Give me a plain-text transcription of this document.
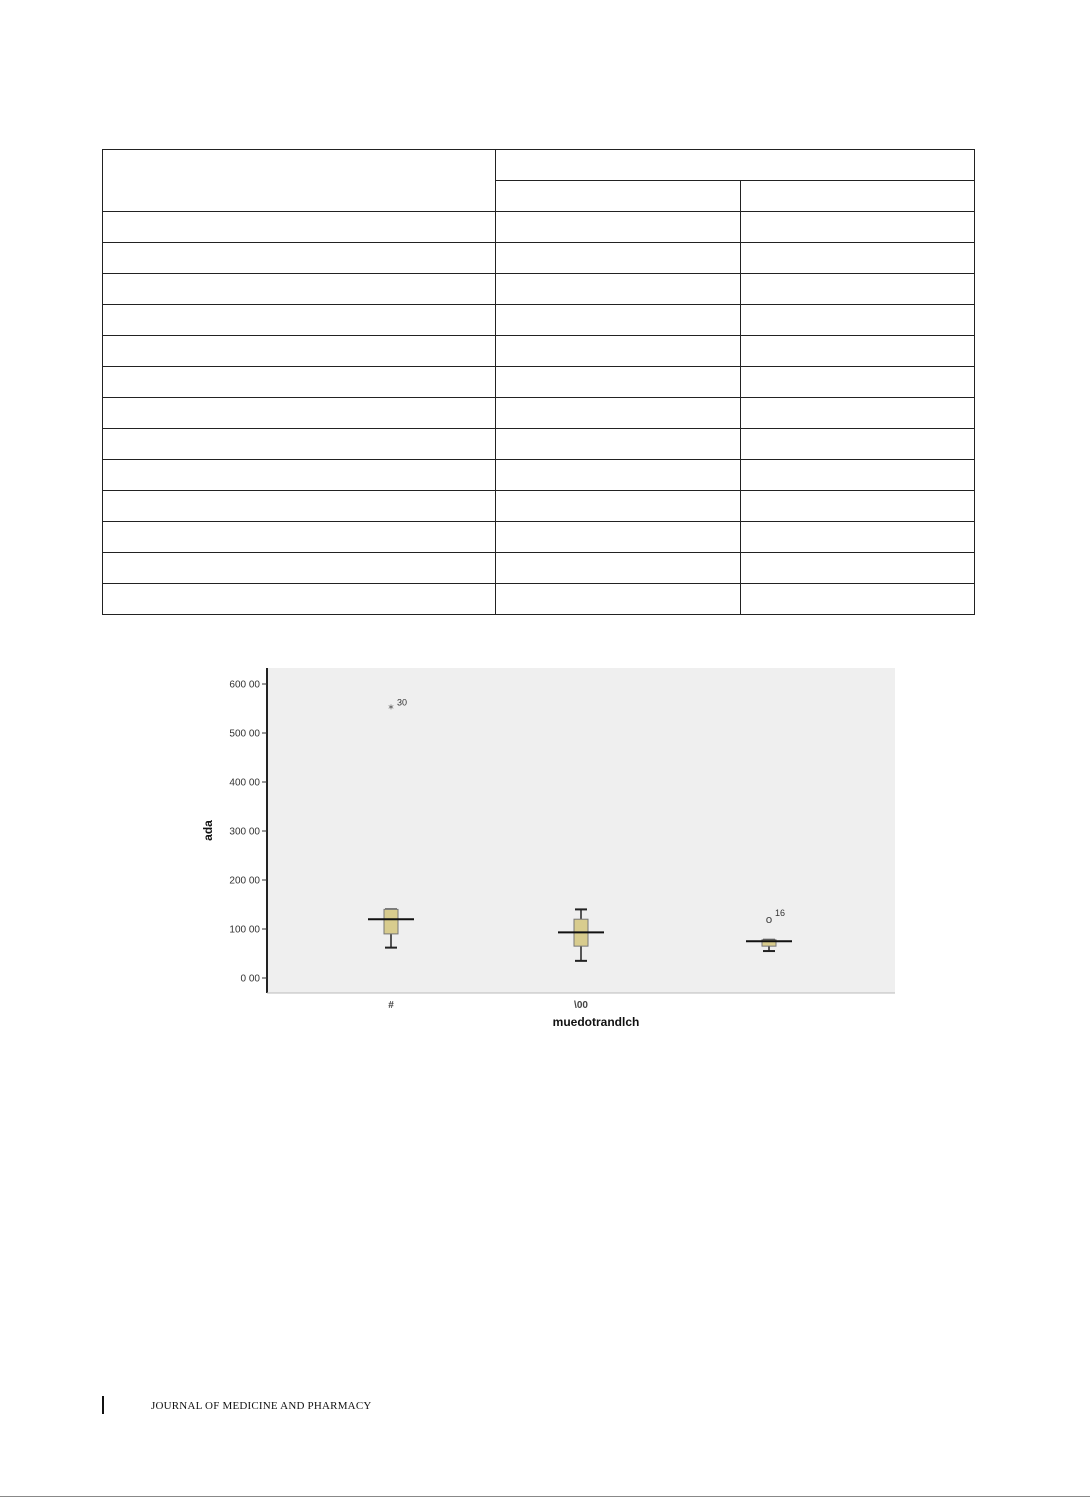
0 00
100 00
200 00
300 00
400 00
500 00
600 00
ada
#	\00
muedotrandlch
* 30
o 16
JOURNAL OF MEDICINE AND PHARMACY
